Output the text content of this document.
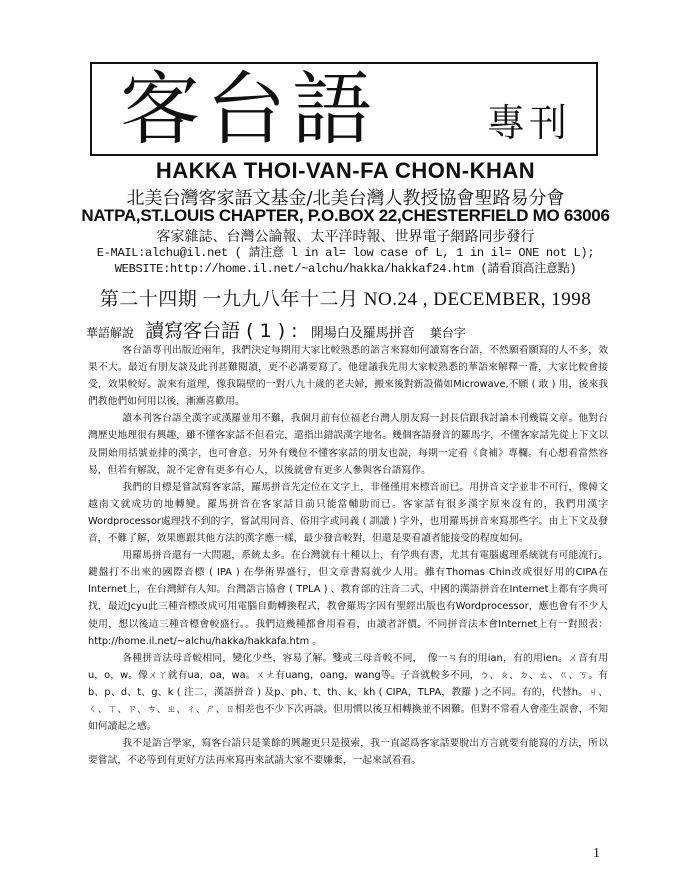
客台語	專刊
HAKKA THOI-VAN-FA CHON-KHAN
北美台灣客家語文基金/北美台灣人教授協會聖路易分會
NATPA,ST.LOUIS CHAPTER, P.O.BOX 22,CHESTERFIELD MO 63006
客家雜誌、台灣公論報、太平洋時報、世界電子網路同步發行
E-MAIL:alchu@il.net ( 請注意 l in al= low case of L, 1 in il= ONE not L);
WEBSITE:http://home.il.net/~alchu/hakka/hakkaf24.htm (請看頂高注意點)
第二十四期 一九九八年十二月 NO.24 , DECEMBER, 1998
華語解說 讀寫客台語 ( 1 ) : 開場白及羅馬拼音 葉台字

客台語專刊出版近兩年，我們決定每期用大家比較熟悉的語言來寫如何讀寫客台語，不然願看願寫的人不多，效果不大。最近有朋友談及此刊甚難閱讀，更不必講要寫了。他建議我先用大家較熟悉的華語來解釋一番，大家比較會接受，效果較好。說來有道理，像我隔壁的一對八九十歲的老夫婦，搬來後對新設備如Microwave,不願 ( 敢 ) 用，後來我們教他們如何用以後，漸漸喜歡用。

讀本刊客台語全漢字或漢羅並用不難，我個月前有位福老台灣人朋友寫一封長信跟我討論本刊幾篇文章。他對台灣歷史地理很有興趣，雖不懂客家話不但看完，還指出錯誤漢字地名。幾個客語發音的羅馬字，不懂客家話先從上下文以及開始用括號並排的漢字，也可會意。另外有幾位不懂客家話的朋友也說，每期一定看《食補》專欄。有心想看當然容易，但若有解說，說不定會有更多有心人，以後就會有更多人參與客台語寫作。

我們的目標是嘗試寫客家話，羅馬拼音先定位在文字上，非僅僅用來標音而已。用拼音文字並非不可行，像韓文越南文就成功的地轉變。羅馬拼音在客家話目前只能當輔助而已。客家話有很多漢字原來沒有的，我們用漢字Wordprocessor處理找不到的字，嘗試用同音、俗用字或同義 ( 訓讀 ) 字外，也用羅馬拼音來寫那些字。由上下文及發音，不難了解，效果應跟其他方法的漢字應一樣，最少發音較對，但還是要看讀者能接受的程度如何。

用羅馬拼音還有一大問題，系統太多。在台灣就有十種以上，有学典有書，尤其有電腦處理系統就有可能流行。鍵盤打不出來的國際音標 ( IPA ) 在學術界盛行，但文章書寫就少人用。雖有Thomas Chin改成很好用的CIPA在Internet上，在台灣鮮有人知。台灣語言協會 ( TPLA ) 、教育部的注音二式、中國的漢語拼音在Internet上都有字典可找，最近Jcyu此三種音標改成可用電腦自動轉換程式，教會羅馬字因有聖經出版也有Wordprocessor，應也會有不少人使用，想以後這三種音標會較盛行。。我們這幾種都會用看看，由讀者評價。不同拼音法本會Internet上有一對照表：http://home.il.net/~alchu/hakka/hakkafa.htm 。

各種拼音法母音較相同，變化少些，容易了解。雙或三母音較不同，　像一ㄢ有的用ian，有的用ien。ㄨ音有用u，o，w。像ㄨㄚ就有ua，oa，wa。ㄨㄤ有uang，oang，wang等。子音就較多不同，ㄅ、ㄆ、ㄉ、ㄊ、ㄍ、ㄎ。有b、p、d、t、g、k ( 注二，漢語拼音 ) 及p、ph、t、th、k、kh ( CIPA，TLPA，教羅 ) 之不同。有的，代替h。ㄐ、ㄑ、ㄒ、ㄗ、ㄘ、ㄓ、ㄔ、ㄕ、ㄖ相差也不少下次再談。但用慣以後互相轉換並不困難。但對不常看人會產生誤會，不知如何讀起之感。

我不是語言學家，寫客台語只是業餘的興趣更只是摸索，我一直認爲客家話要脫出方言就要有能寫的方法，所以要嘗試，不必等到有更好方法再來寫再來試請大家不要嫌棄，一起來試看看。

1
